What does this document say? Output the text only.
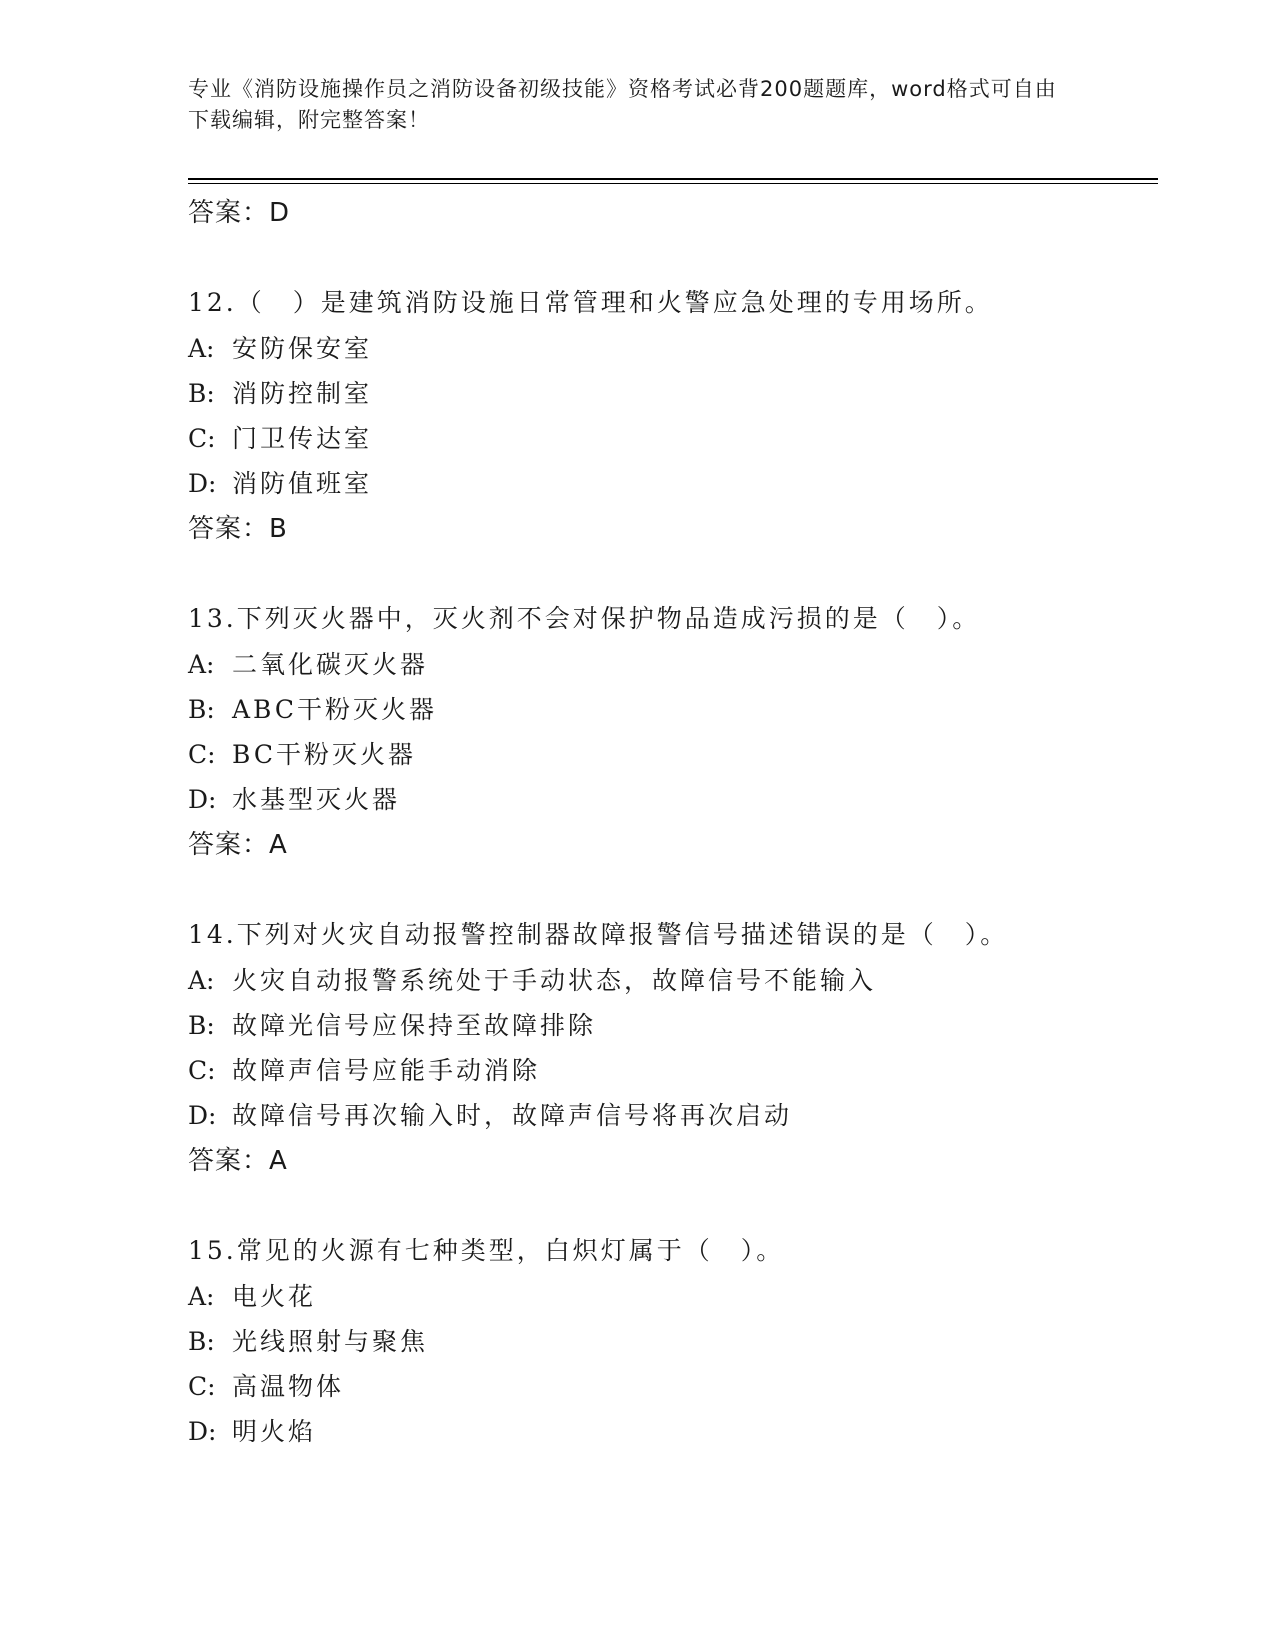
专业《消防设施操作员之消防设备初级技能》资格考试必背200题题库，word格式可自由下载编辑，附完整答案！
答案：D
12.（　）是建筑消防设施日常管理和火警应急处理的专用场所。
A: 安防保安室
B: 消防控制室
C: 门卫传达室
D: 消防值班室
答案：B
13.下列灭火器中，灭火剂不会对保护物品造成污损的是（　）。
A: 二氧化碳灭火器
B: ABC干粉灭火器
C: BC干粉灭火器
D: 水基型灭火器
答案：A
14.下列对火灾自动报警控制器故障报警信号描述错误的是（　）。
A: 火灾自动报警系统处于手动状态，故障信号不能输入
B: 故障光信号应保持至故障排除
C: 故障声信号应能手动消除
D: 故障信号再次输入时，故障声信号将再次启动
答案：A
15.常见的火源有七种类型，白炽灯属于（　）。
A: 电火花
B: 光线照射与聚焦
C: 高温物体
D: 明火焰
